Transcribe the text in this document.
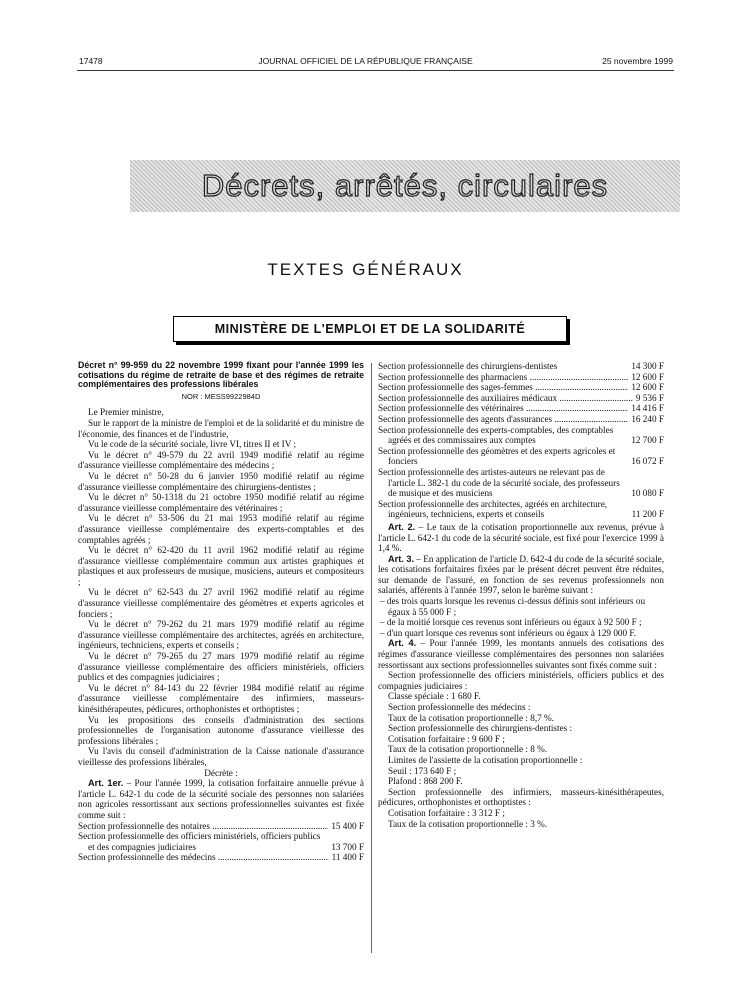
17478	JOURNAL OFFICIEL DE LA RÉPUBLIQUE FRANÇAISE	25 novembre 1999
Décrets, arrêtés, circulaires
TEXTES GÉNÉRAUX
MINISTÈRE DE L'EMPLOI ET DE LA SOLIDARITÉ
Décret n° 99-959 du 22 novembre 1999 fixant pour l'année 1999 les cotisations du régime de retraite de base et des régimes de retraite complémentaires des professions libérales
NOR : MESS9922984D

Le Premier ministre,

Sur le rapport de la ministre de l'emploi et de la solidarité et du ministre de l'économie, des finances et de l'industrie,

Vu le code de la sécurité sociale, livre VI, titres II et IV ;

Vu le décret n° 49-579 du 22 avril 1949 modifié relatif au régime d'assurance vieillesse complémentaire des médecins ;

Vu le décret n° 50-28 du 6 janvier 1950 modifié relatif au régime d'assurance vieillesse complémentaire des chirurgiens-dentistes ;

Vu le décret n° 50-1318 du 21 octobre 1950 modifié relatif au régime d'assurance vieillesse complémentaire des vétérinaires ;

Vu le décret n° 53-506 du 21 mai 1953 modifié relatif au régime d'assurance vieillesse complémentaire des experts-comptables et des comptables agréés ;

Vu le décret n° 62-420 du 11 avril 1962 modifié relatif au régime d'assurance vieillesse complémentaire commun aux artistes graphiques et plastiques et aux professeurs de musique, musiciens, auteurs et compositeurs ;

Vu le décret n° 62-543 du 27 avril 1962 modifié relatif au régime d'assurance vieillesse complémentaire des géomètres et experts agricoles et fonciers ;

Vu le décret n° 79-262 du 21 mars 1979 modifié relatif au régime d'assurance vieillesse complémentaire des architectes, agréés en architecture, ingénieurs, techniciens, experts et conseils ;

Vu le décret n° 79-265 du 27 mars 1979 modifié relatif au régime d'assurance vieillesse complémentaire des officiers ministériels, officiers publics et des compagnies judiciaires ;

Vu le décret n° 84-143 du 22 février 1984 modifié relatif au régime d'assurance vieillesse complémentaire des infirmiers, masseurs-kinésithérapeutes, pédicures, orthophonistes et orthoptistes ;

Vu les propositions des conseils d'administration des sections professionnelles de l'organisation autonome d'assurance vieillesse des professions libérales ;

Vu l'avis du conseil d'administration de la Caisse nationale d'assurance vieillesse des professions libérales,

Décrète :

Art. 1er. – Pour l'année 1999, la cotisation forfaitaire annuelle prévue à l'article L. 642-1 du code de la sécurité sociale des personnes non salariées non agricoles ressortissant aux sections professionnelles suivantes est fixée comme suit :

Section professionnelle des notaires .....	15 400 F
Section professionnelle des officiers ministériels, officiers publics et des compagnies judiciaires	13 700 F
Section professionnelle des médecins .....	11 400 F
Section professionnelle des chirurgiens-dentistes	14 300 F
Section professionnelle des pharmaciens .....	12 600 F
Section professionnelle des sages-femmes .....	12 600 F
Section professionnelle des auxiliaires médicaux .....	9 536 F
Section professionnelle des vétérinaires .....	14 416 F
Section professionnelle des agents d'assurances .....	16 240 F
Section professionnelle des experts-comptables, des comptables agréés et des commissaires aux comptes	12 700 F
Section professionnelle des géomètres et des experts agricoles et fonciers	16 072 F
Section professionnelle des artistes-auteurs ne relevant pas de l'article L. 382-1 du code de la sécurité sociale, des professeurs de musique et des musiciens	10 080 F
Section professionnelle des architectes, agréés en architecture, ingénieurs, techniciens, experts et conseils	11 200 F

Art. 2. – Le taux de la cotisation proportionnelle aux revenus, prévue à l'article L. 642-1 du code de la sécurité sociale, est fixé pour l'exercice 1999 à 1,4 %.

Art. 3. – En application de l'article D. 642-4 du code de la sécurité sociale, les cotisations forfaitaires fixées par le présent décret peuvent être réduites, sur demande de l'assuré, en fonction de ses revenus professionnels non salariés, afférents à l'année 1997, selon le barème suivant :

– des trois quarts lorsque les revenus ci-dessus définis sont inférieurs ou égaux à 55 000 F ;
– de la moitié lorsque ces revenus sont inférieurs ou égaux à 92 500 F ;
– d'un quart lorsque ces revenus sont inférieurs ou égaux à 129 000 F.

Art. 4. – Pour l'année 1999, les montants annuels des cotisations des régimes d'assurance vieillesse complémentaires des personnes non salariées ressortissant aux sections professionnelles suivantes sont fixés comme suit :

Section professionnelle des officiers ministériels, officiers publics et des compagnies judiciaires :

Classe spéciale : 1 680 F.

Section professionnelle des médecins :

Taux de la cotisation proportionnelle : 8,7 %.

Section professionnelle des chirurgiens-dentistes :

Cotisation forfaitaire : 9 600 F ;

Taux de la cotisation proportionnelle : 8 %.

Limites de l'assiette de la cotisation proportionnelle :

Seuil : 173 640 F ;

Plafond : 868 200 F.

Section professionnelle des infirmiers, masseurs-kinésithérapeutes, pédicures, orthophonistes et orthoptistes :

Cotisation forfaitaire : 3 312 F ;

Taux de la cotisation proportionnelle : 3 %.
